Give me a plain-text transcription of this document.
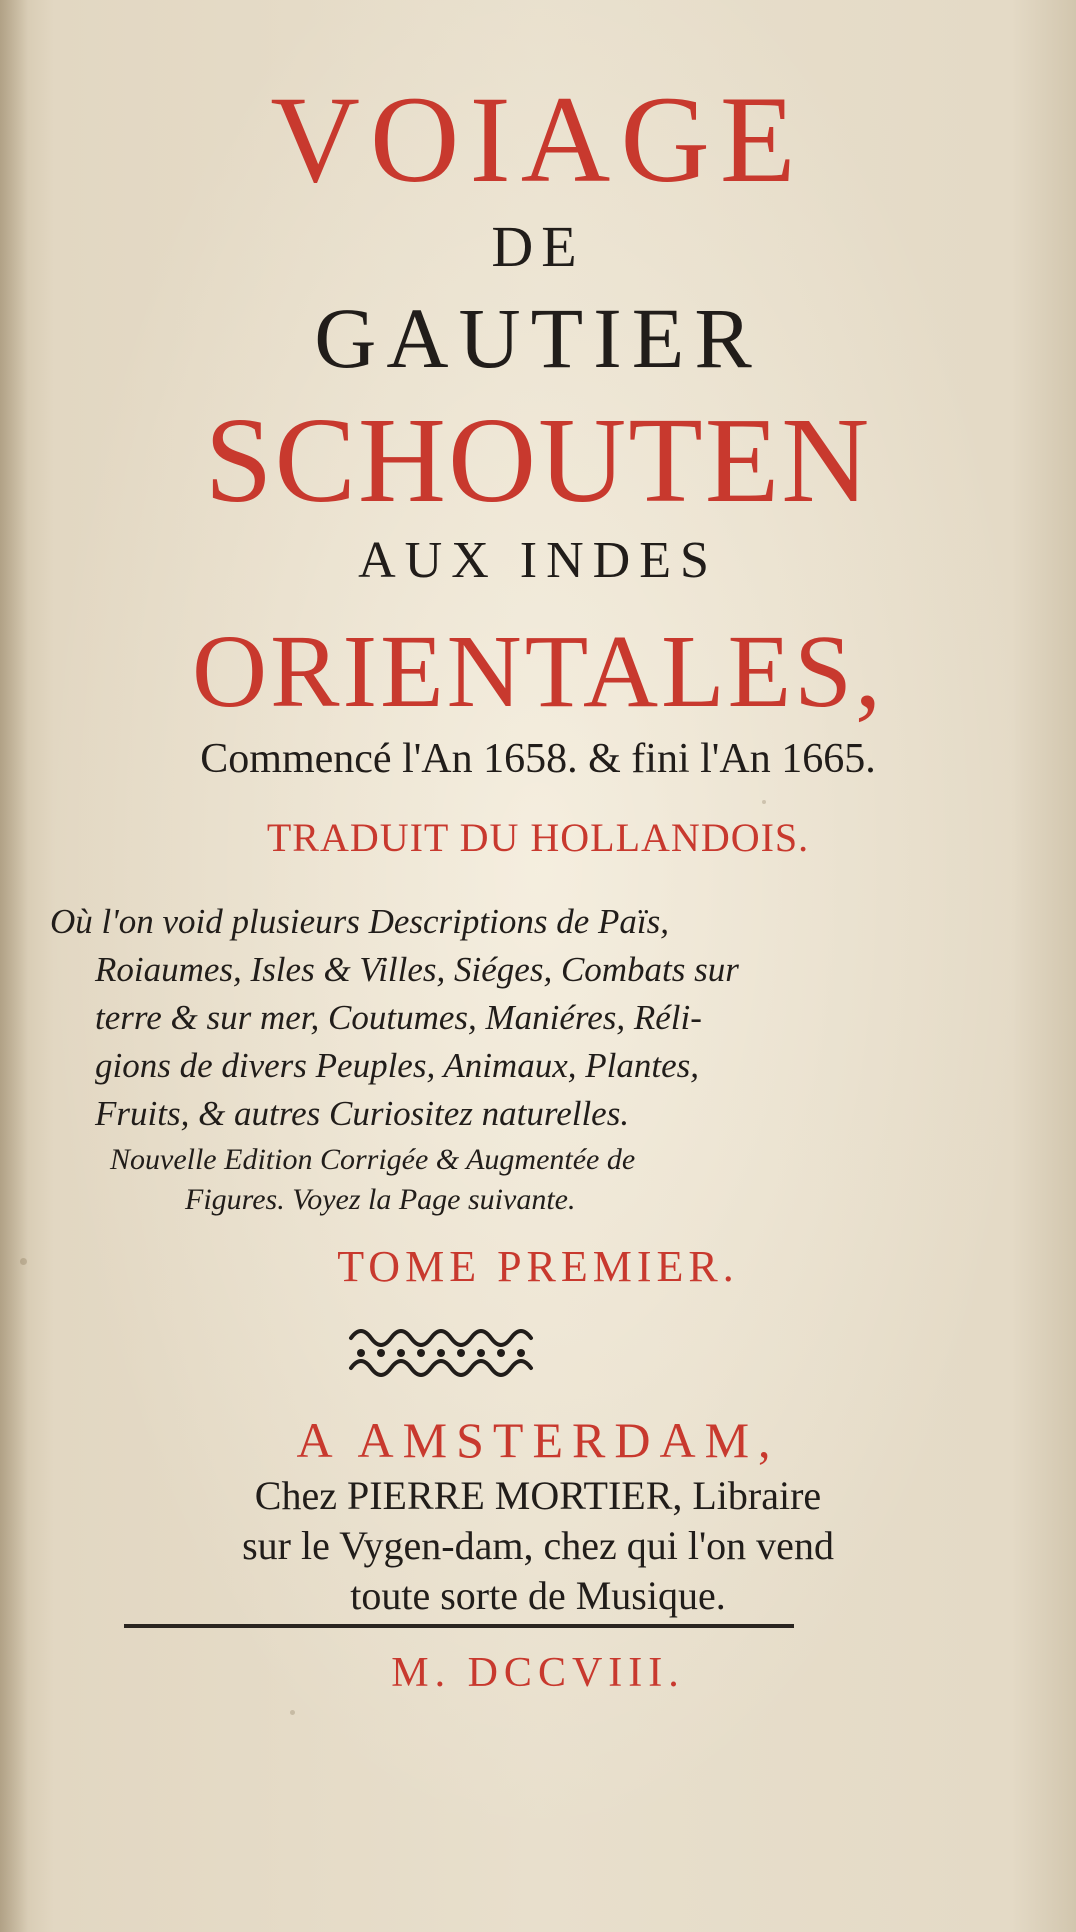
VOIAGE

DE

GAUTIER

SCHOUTEN

AUX INDES

ORIENTALES,

Commencé l'An 1658. & fini l'An 1665.

TRADUIT DU HOLLANDOIS.

Où l'on void plusieurs Descriptions de Païs,

Roiaumes, Isles & Villes, Siéges, Combats sur

terre & sur mer, Coutumes, Maniéres, Réli-

gions de divers Peuples, Animaux, Plantes,

Fruits, & autres Curiositez naturelles.

Nouvelle Edition Corrigée & Augmentée de

Figures. Voyez la Page suivante.

TOME PREMIER.

A AMSTERDAM,

Chez PIERRE MORTIER, Libraire

sur le Vygen-dam, chez qui l'on vend

toute sorte de Musique.

M. DCCVIII.
